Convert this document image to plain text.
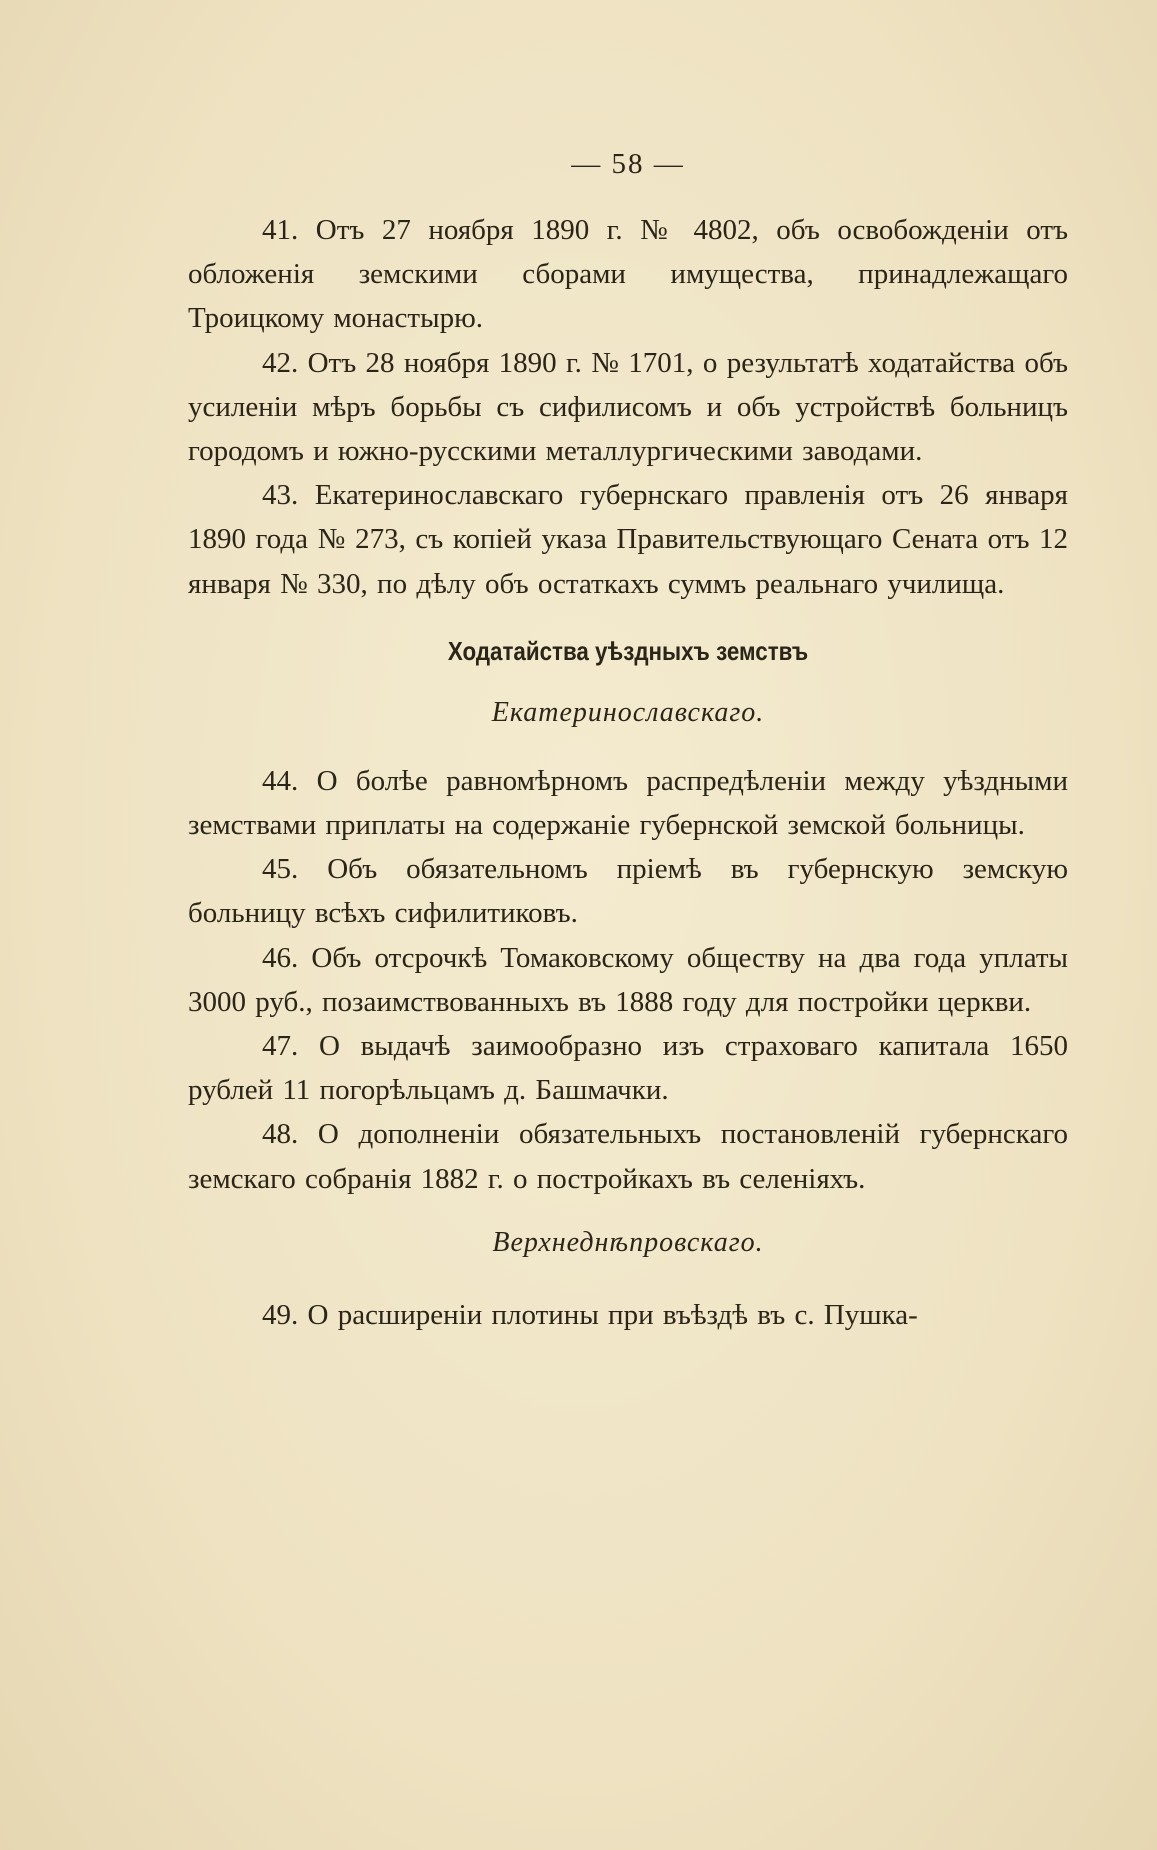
— 58 —

41. Отъ 27 ноября 1890 г. № 4802, объ освобожденіи отъ обложенія земскими сборами имущества, принадлежащаго Троицкому монастырю.

42. Отъ 28 ноября 1890 г. № 1701, о результатѣ ходатайства объ усиленіи мѣръ борьбы съ сифилисомъ и объ устройствѣ больницъ городомъ и южно-русскими металлургическими заводами.

43. Екатеринославскаго губернскаго правленія отъ 26 января 1890 года № 273, съ копіей указа Правительствующаго Сената отъ 12 января № 330, по дѣлу объ остаткахъ суммъ реальнаго училища.

Ходатайства уѣздныхъ земствъ
Екатеринославскаго.

44. О болѣе равномѣрномъ распредѣленіи между уѣздными земствами приплаты на содержаніе губернской земской больницы.

45. Объ обязательномъ пріемѣ въ губернскую земскую больницу всѣхъ сифилитиковъ.

46. Объ отсрочкѣ Томаковскому обществу на два года уплаты 3000 руб., позаимствованныхъ въ 1888 году для постройки церкви.

47. О выдачѣ заимообразно изъ страховаго капитала 1650 рублей 11 погорѣльцамъ д. Башмачки.

48. О дополненіи обязательныхъ постановленій губернскаго земскаго собранія 1882 г. о постройкахъ въ селеніяхъ.

Верхнеднѣпровскаго.

49. О расширеніи плотины при въѣздѣ въ с. Пушка-
